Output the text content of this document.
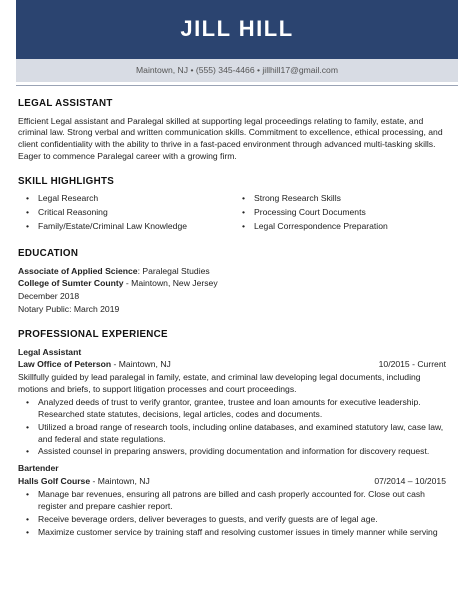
JILL HILL
Maintown, NJ • (555) 345-4466 • jillhill17@gmail.com
LEGAL ASSISTANT

Efficient Legal assistant and Paralegal skilled at supporting legal proceedings relating to family, estate, and criminal law. Strong verbal and written communication skills. Commitment to excellence, ethical processing, and client confidentiality with the ability to thrive in a fast-paced environment through advanced multi-tasking skills. Eager to commence Paralegal career with a growing firm.

SKILL HIGHLIGHTS
• Legal Research
• Critical Reasoning
• Family/Estate/Criminal Law Knowledge
• Strong Research Skills
• Processing Court Documents
• Legal Correspondence Preparation
EDUCATION
Associate of Applied Science: Paralegal Studies
College of Sumter County - Maintown, New Jersey
December 2018
Notary Public: March 2019
PROFESSIONAL EXPERIENCE
Legal Assistant
Law Office of Peterson - Maintown, NJ	10/2015 - Current
Skillfully guided by lead paralegal in family, estate, and criminal law developing legal documents, including motions and briefs, to support litigation processes and court proceedings.
• Analyzed deeds of trust to verify grantor, grantee, trustee and loan amounts for executive leadership. Researched state statutes, decisions, legal articles, codes and documents.
• Utilized a broad range of research tools, including online databases, and examined statutory law, case law, and federal and state regulations.
• Assisted counsel in preparing answers, providing documentation and information for discovery request.
Bartender
Halls Golf Course - Maintown, NJ	07/2014 – 10/2015
• Manage bar revenues, ensuring all patrons are billed and cash properly accounted for. Close out cash register and prepare cashier report.
• Receive beverage orders, deliver beverages to guests, and verify guests are of legal age.
• Maximize customer service by training staff and resolving customer issues in timely manner while serving
